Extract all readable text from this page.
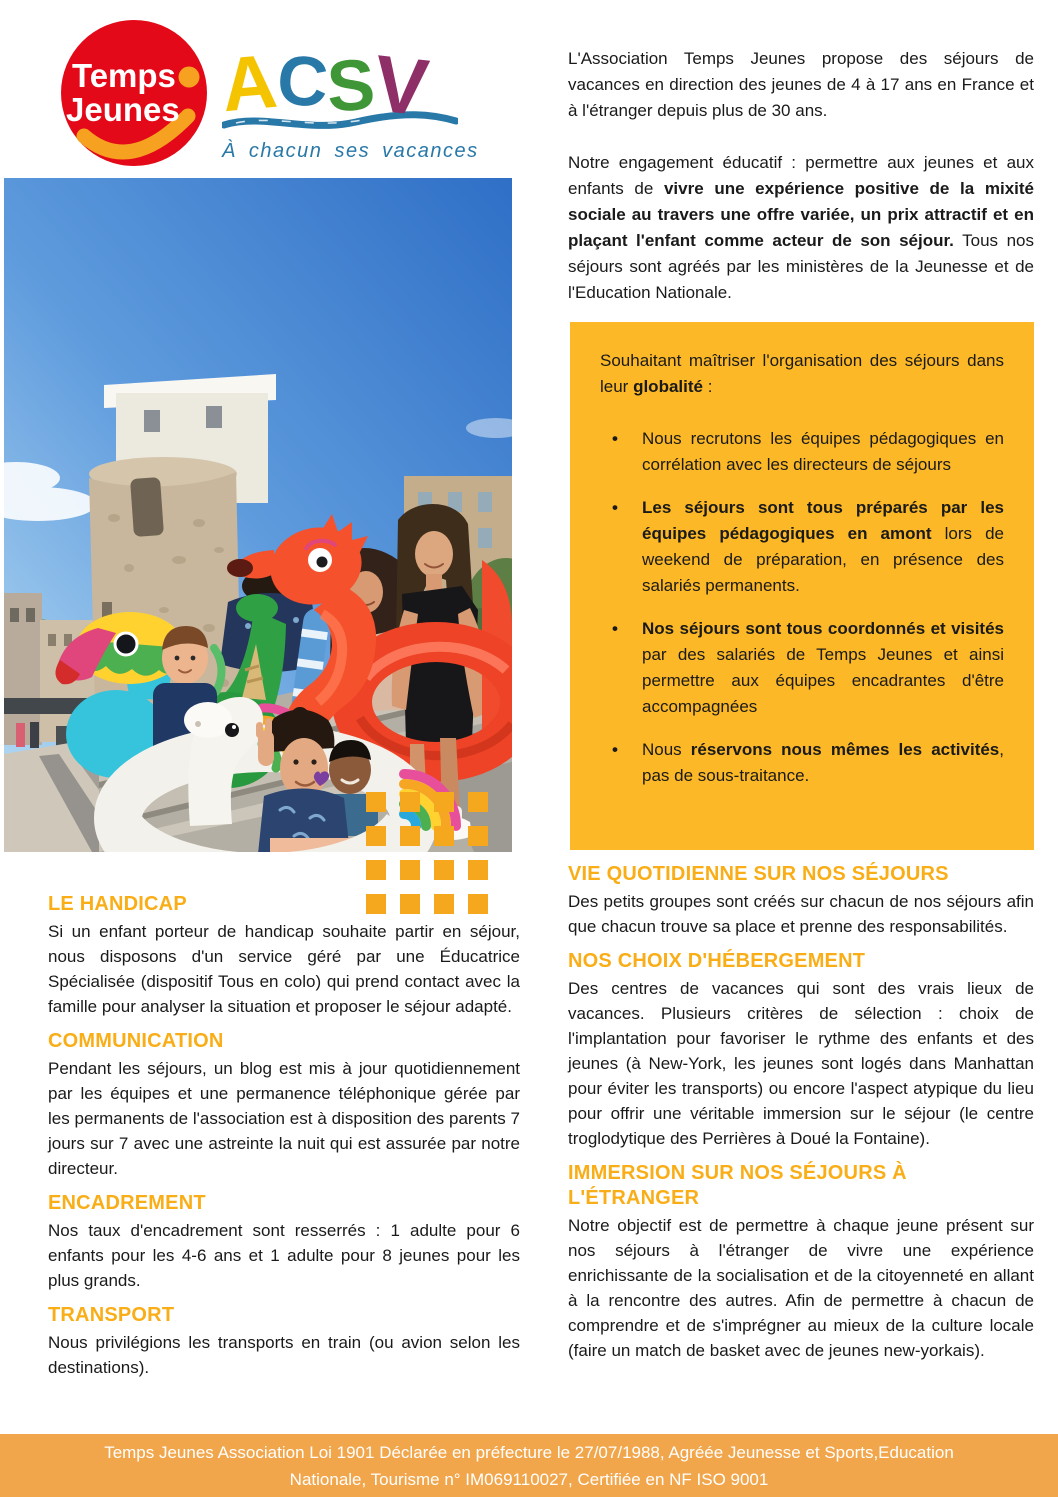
Temps
Jeunes A
C
S
V
À chacun ses vacances

L'Association Temps Jeunes propose des séjours de vacances en direction des jeunes de 4 à 17 ans en France et à l'étranger depuis plus de 30 ans.

Notre engagement éducatif : permettre aux jeunes et aux enfants de vivre une expérience positive de la mixité sociale au travers une offre variée, un prix attractif et en plaçant l'enfant comme acteur de son séjour. Tous nos séjours sont agréés par les ministères de la Jeunesse et de l'Education Nationale.

Souhaitant maîtriser l'organisation des séjours dans leur globalité :

• Nous recrutons les équipes pédagogiques en corrélation avec les directeurs de séjours
• Les séjours sont tous préparés par les équipes pédagogiques en amont lors de weekend de préparation, en présence des salariés permanents.
• Nos séjours sont tous coordonnés et visités par des salariés de Temps Jeunes et ainsi permettre aux équipes encadrantes d'être accompagnées
• Nous réservons nous mêmes les activités, pas de sous-traitance.
LE HANDICAP

Si un enfant porteur de handicap souhaite partir en séjour, nous disposons d'un service géré par une Éducatrice Spécialisée (dispositif Tous en colo) qui prend contact avec la famille pour analyser la situation et proposer le séjour adapté.

COMMUNICATION

Pendant les séjours, un blog est mis à jour quotidiennement par les équipes et une permanence téléphonique gérée par les permanents de l'association est à disposition des parents 7 jours sur 7 avec une astreinte la nuit qui est assurée par notre directeur.

ENCADREMENT

Nos taux d'encadrement sont resserrés : 1 adulte pour 6 enfants pour les 4-6 ans et 1 adulte pour 8 jeunes pour les plus grands.

TRANSPORT

Nous privilégions les transports en train (ou avion selon les destinations).

VIE QUOTIDIENNE SUR NOS SÉJOURS

Des petits groupes sont créés sur chacun de nos séjours afin que chacun trouve sa place et prenne des responsabilités.

NOS CHOIX D'HÉBERGEMENT

Des centres de vacances qui sont des vrais lieux de vacances. Plusieurs critères de sélection : choix de l'implantation pour favoriser le rythme des enfants et des jeunes (à New-York, les jeunes sont logés dans Manhattan pour éviter les transports) ou encore l'aspect atypique du lieu pour offrir une véritable immersion sur le séjour (le centre troglodytique des Perrières à Doué la Fontaine).

IMMERSION SUR NOS SÉJOURS À L'ÉTRANGER

Notre objectif est de permettre à chaque jeune présent sur nos séjours à l'étranger de vivre une expérience enrichissante de la socialisation et de la citoyenneté en allant à la rencontre des autres. Afin de permettre à chacun de comprendre et de s'imprégner au mieux de la culture locale (faire un match de basket avec de jeunes new-yorkais).

Temps Jeunes Association Loi 1901 Déclarée en préfecture le 27/07/1988, Agréée Jeunesse et Sports,Education

Nationale, Tourisme n° IM069110027, Certifiée en NF ISO 9001
